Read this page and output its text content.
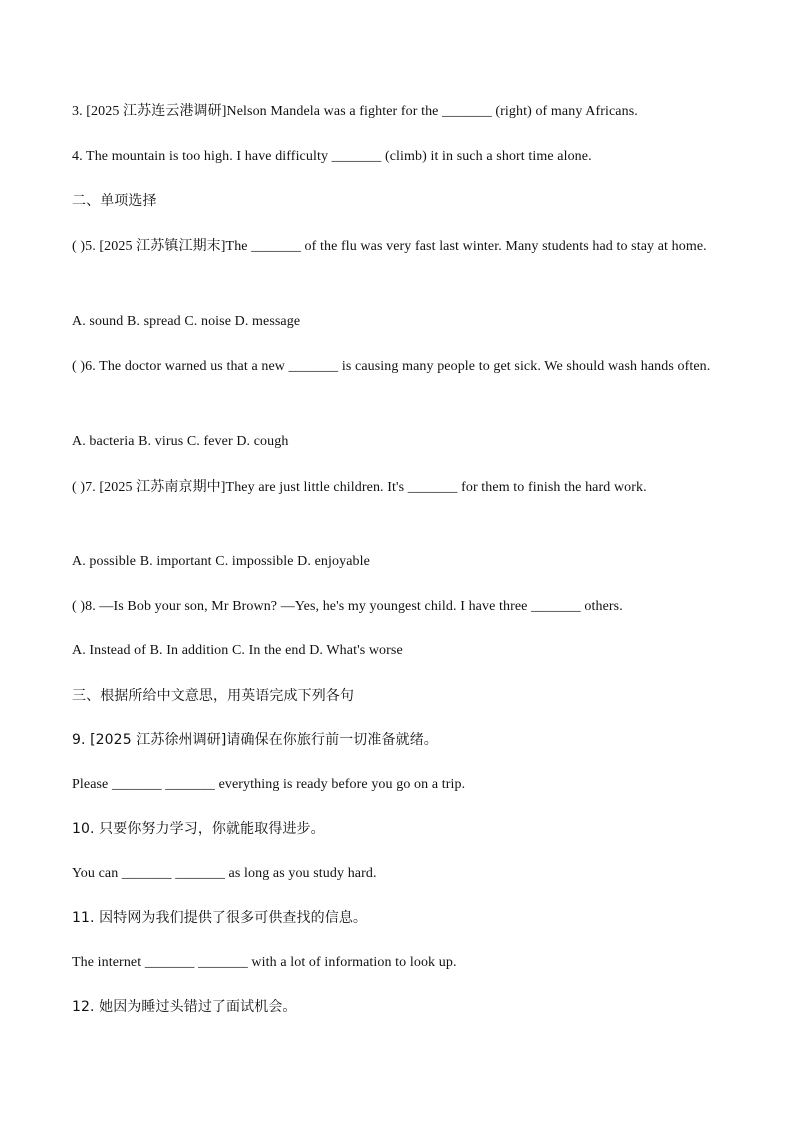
3. [2025 江苏连云港调研]Nelson Mandela was a fighter for the _______ (right) of many Africans.
4. The mountain is too high. I have difficulty _______ (climb) it in such a short time alone.
二、单项选择
( )5. [2025 江苏镇江期末]The _______ of the flu was very fast last winter. Many students had to stay at home.
A. sound B. spread C. noise D. message
( )6. The doctor warned us that a new _______ is causing many people to get sick. We should wash hands often.
A. bacteria B. virus C. fever D. cough
( )7. [2025 江苏南京期中]They are just little children. It's _______ for them to finish the hard work.
A. possible B. important C. impossible D. enjoyable
( )8. —Is Bob your son, Mr Brown? —Yes, he's my youngest child. I have three _______ others.
A. Instead of B. In addition C. In the end D. What's worse
三、根据所给中文意思，用英语完成下列各句
9. [2025 江苏徐州调研]请确保在你旅行前一切准备就绪。
Please _______ _______ everything is ready before you go on a trip.
10. 只要你努力学习，你就能取得进步。
You can _______ _______ as long as you study hard.
11. 因特网为我们提供了很多可供查找的信息。
The internet _______ _______ with a lot of information to look up.
12. 她因为睡过头错过了面试机会。
